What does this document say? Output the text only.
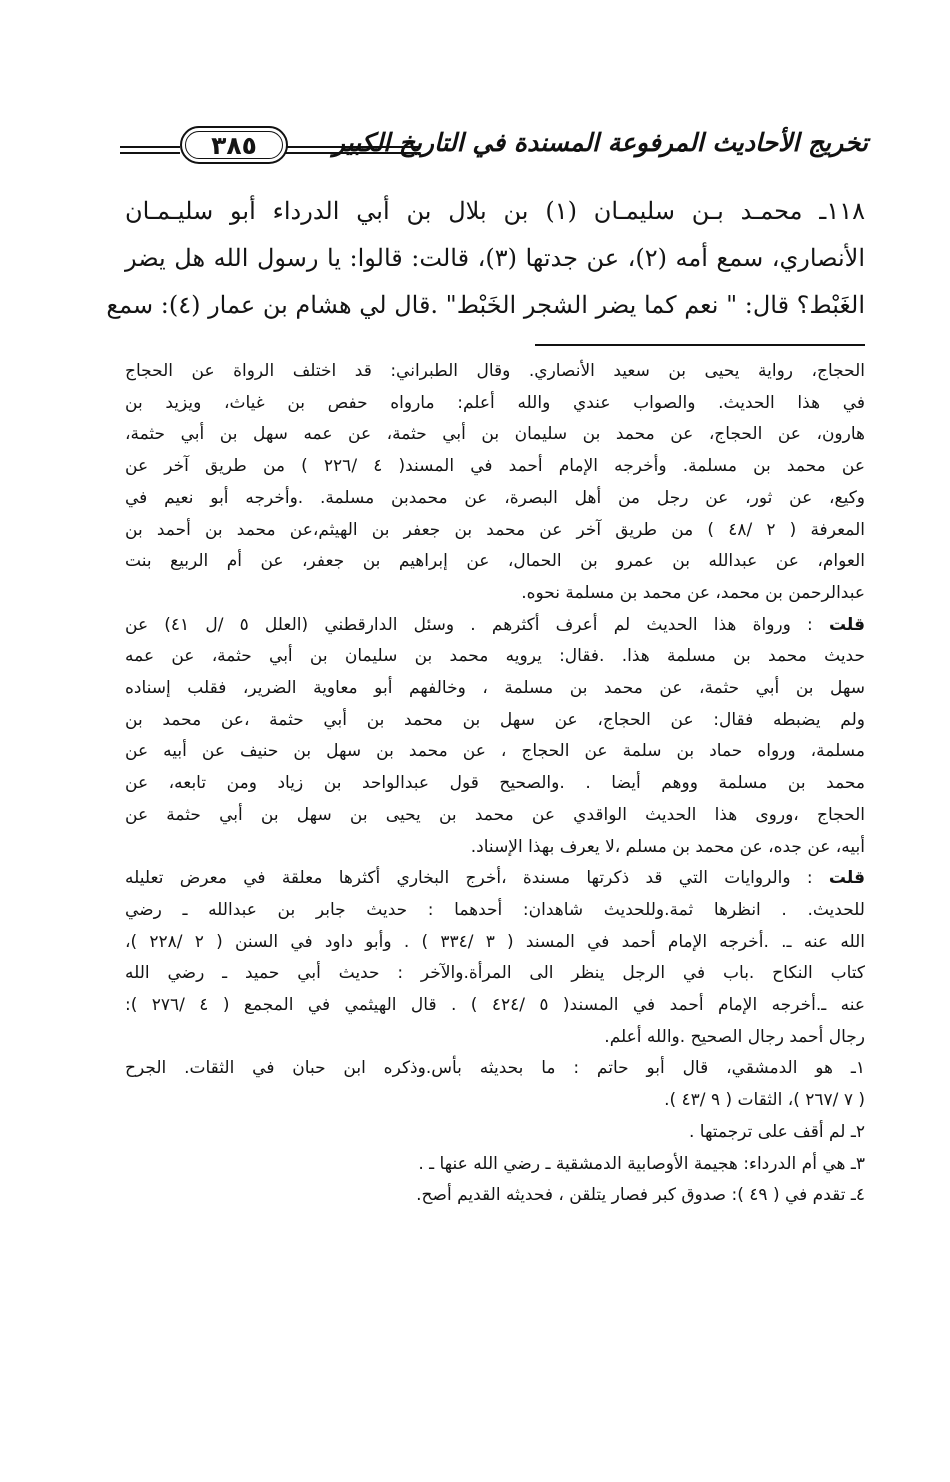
تخريج الأحاديث المرفوعة المسندة في التاريخ الكبير
٣٨٥
١١٨ـ محمـد بـن سليمـان (١) بن بلال بن أبي الدرداء أبو سليـمـان
الأنصاري، سمع أمه (٢)، عن جدتها (٣)، قالت: قالوا: يا رسول الله هل يضر
الغَبْط؟ قال: " نعم كما يضر الشجر الخَبْط" .قال لي هشام بن عمار (٤): سمع
الحجاج، رواية يحيى بن سعيد الأنصاري. وقال الطبراني: قد اختلف الرواة عن الحجاج
في هذا الحديث. والصواب عندي والله أعلم: مارواه حفص بن غياث، ويزيد بن
هارون، عن الحجاج، عن محمد بن سليمان بن أبي حثمة، عن عمه سهل بن أبي حثمة،
عن محمد بن مسلمة. وأخرجه الإمام أحمد في المسند( ٤ /٢٢٦ ) من طريق آخر عن
وكيع، عن ثور، عن رجل من أهل البصرة، عن محمدبن مسلمة. .وأخرجه أبو نعيم في
المعرفة ( ٢ /٤٨ ) من طريق آخر عن محمد بن جعفر بن الهيثم،عن محمد بن أحمد بن
العوام، عن عبدالله بن عمرو بن الحمال، عن إبراهيم بن جعفر، عن أم الربيع بنت
عبدالرحمن بن محمد، عن محمد بن مسلمة نحوه.
قلت : ورواة هذا الحديث لم أعرف أكثرهم . وسئل الدارقطني (العلل ٥ /ل ٤١) عن
حديث محمد بن مسلمة هذا. .فقال: يرويه محمد بن سليمان بن أبي حثمة، عن عمه
سهل بن أبي حثمة، عن محمد بن مسلمة ، وخالفهم أبو معاوية الضرير، فقلب إسناده
ولم يضبطه فقال: عن الحجاج، عن سهل بن محمد بن أبي حثمة ،عن محمد بن
مسلمة، ورواه حماد بن سلمة عن الحجاج ، عن محمد بن سهل بن حنيف عن أبيه عن
محمد بن مسلمة ووهم أيضا . .والصحيح قول عبدالواحد بن زياد ومن تابعه، عن
الحجاج ،وروى هذا الحديث الواقدي عن محمد بن يحيى بن سهل بن أبي حثمة عن
أبيه، عن جده، عن محمد بن مسلم ،لا يعرف بهذا الإسناد.
قلت : والروايات التي قد ذكرتها مسندة ،أخرج البخاري أكثرها معلقة في معرض تعليله
للحديث. . انظرها ثمة.وللحديث شاهدان: أحدهما : حديث جابر بن عبدالله ـ رضي
الله عنه ـ. .أخرجه الإمام أحمد في المسند ( ٣ /٣٣٤ ) . وأبو داود في السنن ( ٢ /٢٢٨ )،
كتاب النكاح .باب في الرجل ينظر الى المرأة.والآخر : حديث أبي حميد ـ رضي الله
عنه ـ.أخرجه الإمام أحمد في المسند( ٥ /٤٢٤ ) . قال الهيثمي في المجمع ( ٤ /٢٧٦ ):
رجال أحمد رجال الصحيح .والله أعلم.
١ـ هو الدمشقي، قال أبو حاتم : ما بحديثه بأس.وذكره ابن حبان في الثقات. الجرح
( ٧ /٢٦٧ )، الثقات ( ٩ /٤٣ ).
٢ـ لم أقف على ترجمتها .
٣ـ هي أم الدرداء: هجيمة الأوصابية الدمشقية ـ رضي الله عنها ـ .
٤ـ تقدم في ( ٤٩ ): صدوق كبر فصار يتلقن ، فحديثه القديم أصح.
